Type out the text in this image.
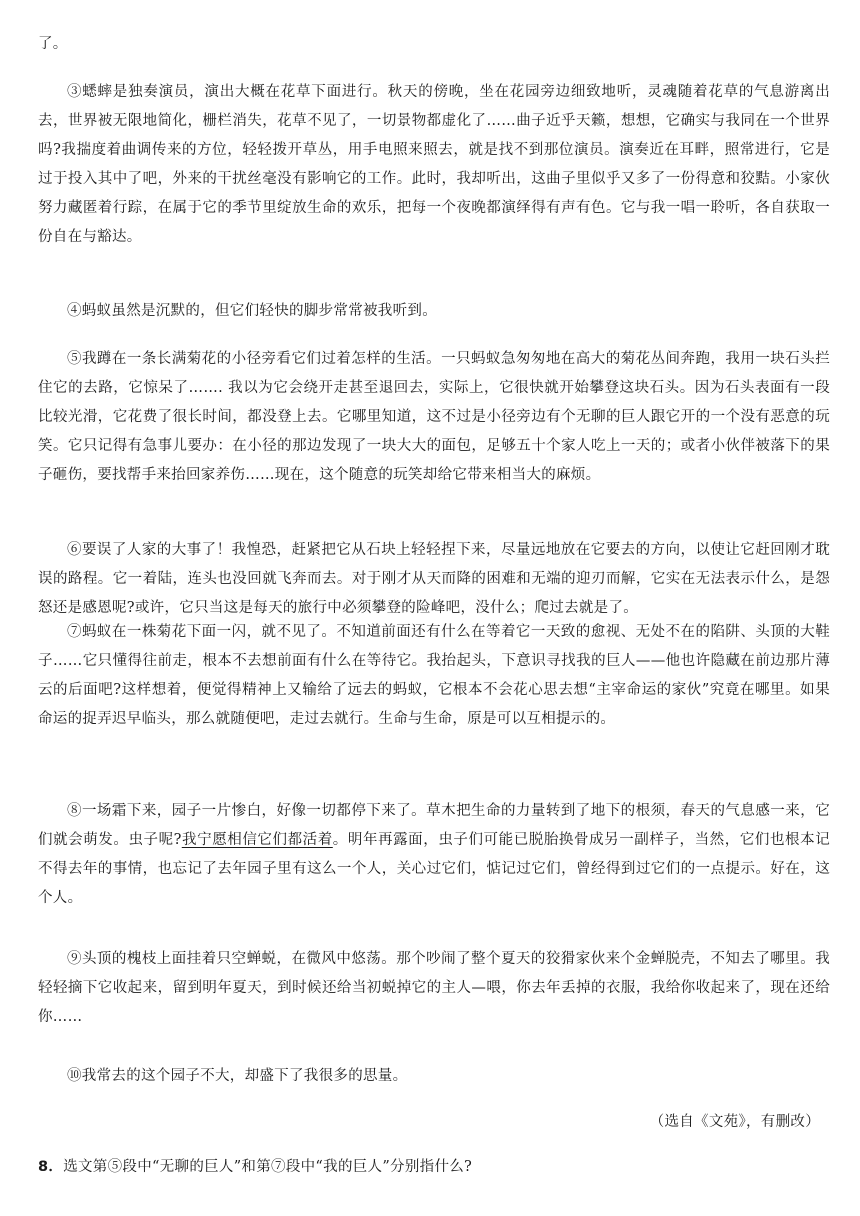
了。

③蟋蟀是独奏演员，演出大概在花草下面进行。秋天的傍晚，坐在花园旁边细致地听，灵魂随着花草的气息游离出去，世界被无限地简化，栅栏消失，花草不见了，一切景物都虚化了……曲子近乎天籁，想想，它确实与我同在一个世界吗?我揣度着曲调传来的方位，轻轻拨开草丛，用手电照来照去，就是找不到那位演员。演奏近在耳畔，照常进行，它是过于投入其中了吧，外来的干扰丝毫没有影响它的工作。此时，我却听出，这曲子里似乎又多了一份得意和狡黠。小家伙努力藏匿着行踪，在属于它的季节里绽放生命的欢乐，把每一个夜晚都演绎得有声有色。它与我一唱一聆听，各自获取一份自在与豁达。

④蚂蚁虽然是沉默的，但它们轻快的脚步常常被我听到。

⑤我蹲在一条长满菊花的小径旁看它们过着怎样的生活。一只蚂蚁急匆匆地在高大的菊花丛间奔跑，我用一块石头拦住它的去路，它惊呆了……. 我以为它会绕开走甚至退回去，实际上，它很快就开始攀登这块石头。因为石头表面有一段比较光滑，它花费了很长时间，都没登上去。它哪里知道，这不过是小径旁边有个无聊的巨人跟它开的一个没有恶意的玩笑。它只记得有急事儿要办：在小径的那边发现了一块大大的面包，足够五十个家人吃上一天的；或者小伙伴被落下的果子砸伤，要找帮手来抬回家养伤……现在，这个随意的玩笑却给它带来相当大的麻烦。

⑥要误了人家的大事了！我惶恐，赶紧把它从石块上轻轻捏下来，尽量远地放在它要去的方向，以使让它赶回刚才耽误的路程。它一着陆，连头也没回就飞奔而去。对于刚才从天而降的困难和无端的迎刃而解，它实在无法表示什么，是怨怒还是感恩呢?或许，它只当这是每天的旅行中必须攀登的险峰吧，没什么；爬过去就是了。

⑦蚂蚁在一株菊花下面一闪，就不见了。不知道前面还有什么在等着它一天致的愈视、无处不在的陷阱、头顶的大鞋子……它只懂得往前走，根本不去想前面有什么在等待它。我抬起头，下意识寻找我的巨人——他也许隐藏在前边那片薄云的后面吧?这样想着，便觉得精神上又输给了远去的蚂蚁，它根本不会花心思去想“主宰命运的家伙”究竟在哪里。如果命运的捉弄迟早临头，那么就随便吧，走过去就行。生命与生命，原是可以互相提示的。

⑧一场霜下来，园子一片惨白，好像一切都停下来了。草木把生命的力量转到了地下的根须，春天的气息感一来，它们就会萌发。虫子呢?我宁愿相信它们都活着。明年再露面，虫子们可能已脱胎换骨成另一副样子，当然，它们也根本记不得去年的事情，也忘记了去年园子里有这么一个人，关心过它们，惦记过它们，曾经得到过它们的一点提示。好在，这个人。

⑨头顶的槐枝上面挂着只空蝉蜕，在微风中悠荡。那个吵闹了整个夏天的狡猾家伙来个金蝉脱壳，不知去了哪里。我轻轻摘下它收起来，留到明年夏天，到时候还给当初蜕掉它的主人—喂，你去年丢掉的衣服，我给你收起来了，现在还给你……

⑩我常去的这个园子不大，却盛下了我很多的思量。

（选自《文苑》，有删改）
8．选文第⑤段中“无聊的巨人”和第⑦段中“我的巨人”分别指什么?
